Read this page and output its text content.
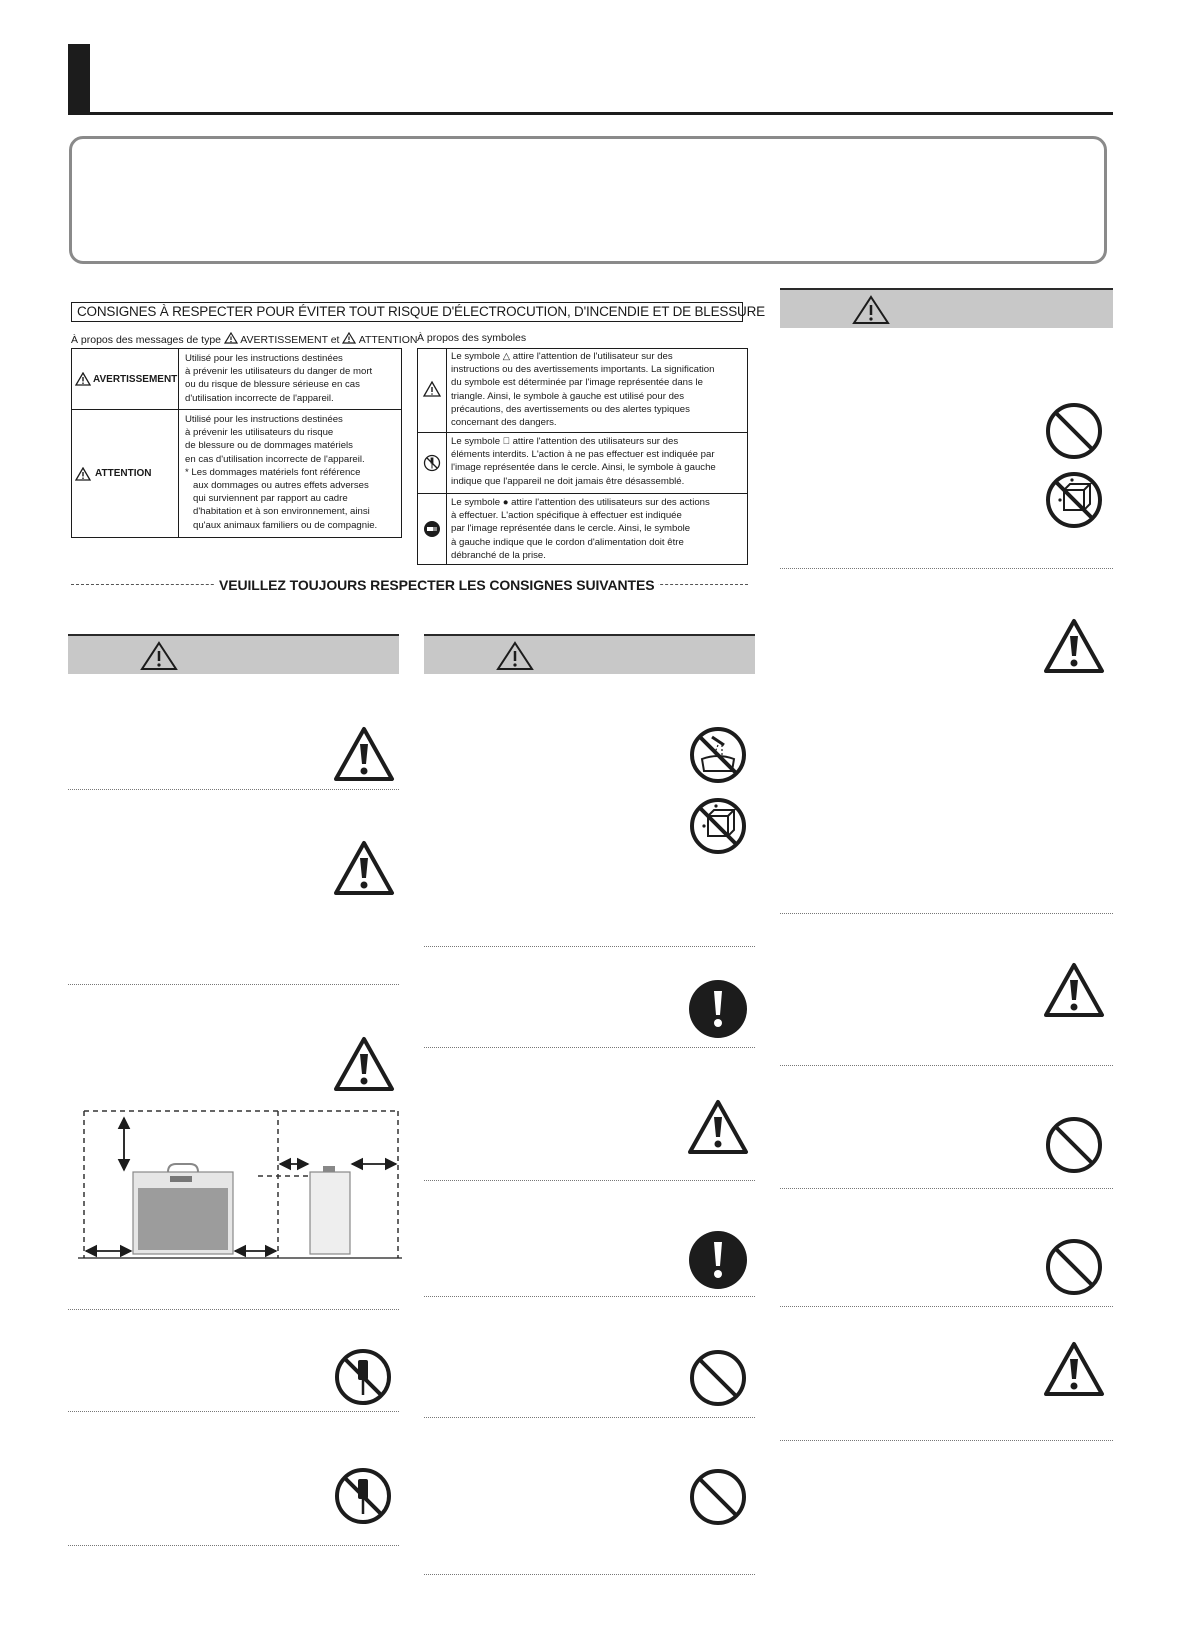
CONSIGNES À RESPECTER POUR ÉVITER TOUT RISQUE D'ÉLECTROCUTION, D'INCENDIE ET DE BLESSURE
À propos des messages de type AVERTISSEMENT et ATTENTION
AVERTISSEMENT
Utilisé pour les instructions destinées
à prévenir les utilisateurs du danger de mort
ou du risque de blessure sérieuse en cas
d'utilisation incorrecte de l'appareil.
ATTENTION
Utilisé pour les instructions destinées
à prévenir les utilisateurs du risque
de blessure ou de dommages matériels
en cas d'utilisation incorrecte de l'appareil.
* Les dommages matériels font référence
aux dommages ou autres effets adverses
qui surviennent par rapport au cadre
d'habitation et à son environnement, ainsi
qu'aux animaux familiers ou de compagnie.
À propos des symboles
Le symbole △ attire l'attention de l'utilisateur sur des
instructions ou des avertissements importants. La signification
du symbole est déterminée par l'image représentée dans le
triangle. Ainsi, le symbole à gauche est utilisé pour des
précautions, des avertissements ou des alertes typiques
concernant des dangers.
Le symbole ⃠ attire l'attention des utilisateurs sur des
éléments interdits. L'action à ne pas effectuer est indiquée par
l'image représentée dans le cercle. Ainsi, le symbole à gauche
indique que l'appareil ne doit jamais être désassemblé.
Le symbole ● attire l'attention des utilisateurs sur des actions
à effectuer. L'action spécifique à effectuer est indiquée
par l'image représentée dans le cercle. Ainsi, le symbole
à gauche indique que le cordon d'alimentation doit être
débranché de la prise.
VEUILLEZ TOUJOURS RESPECTER LES CONSIGNES SUIVANTES
